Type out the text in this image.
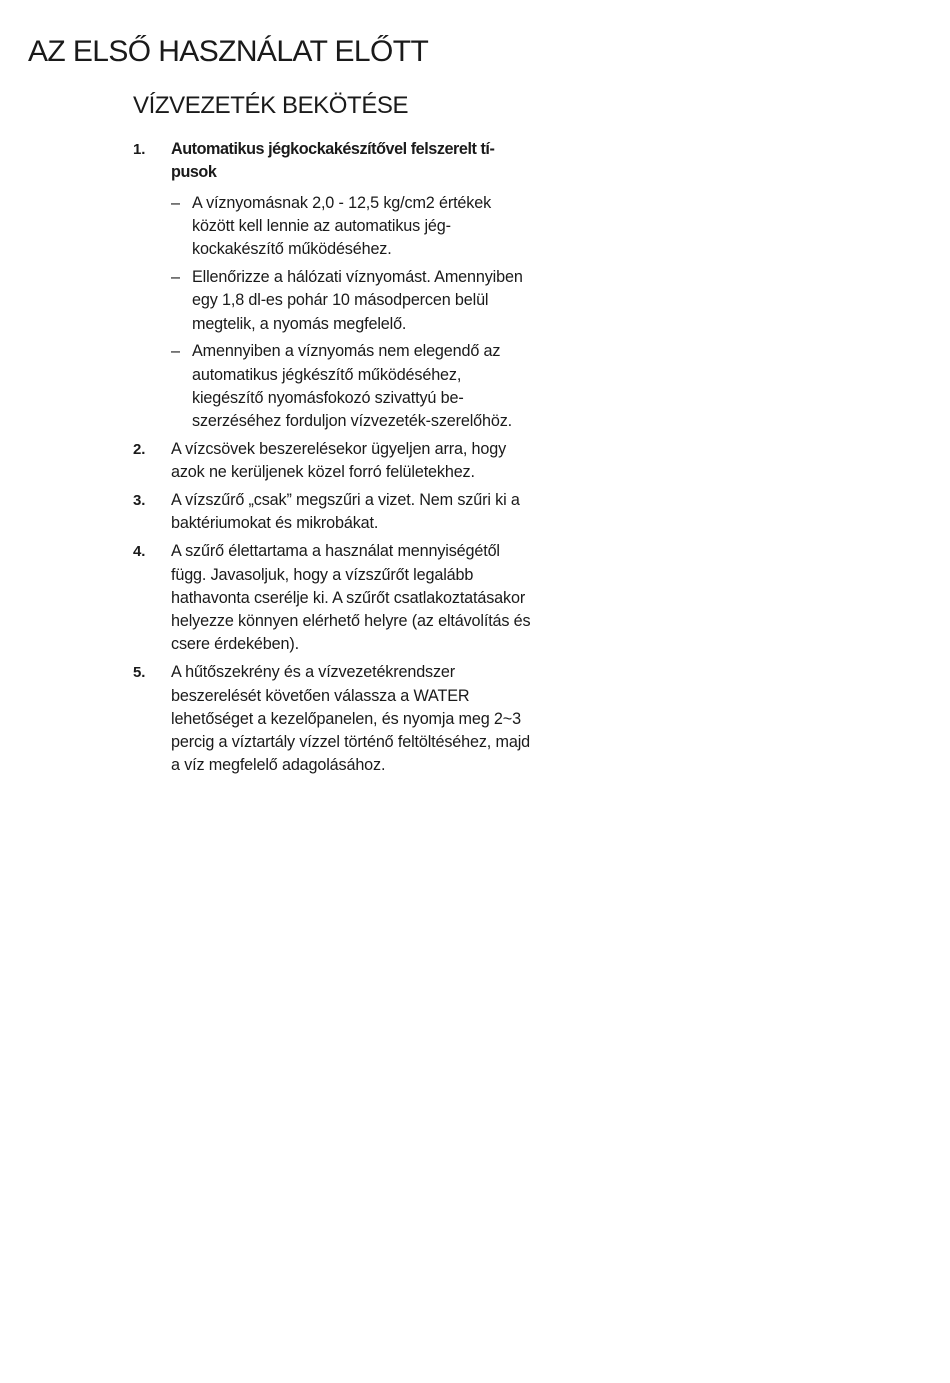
AZ ELSŐ HASZNÁLAT ELŐTT
VÍZVEZETÉK BEKÖTÉSE
1. Automatikus jégkockakészítővel felszerelt típusok
– A víznyomásnak 2,0 - 12,5 kg/cm2 értékek között kell lennie az automatikus jégkockakészítő működéséhez.
– Ellenőrizze a hálózati víznyomást. Amennyiben egy 1,8 dl-es pohár 10 másodpercen belül megtelik, a nyomás megfelelő.
– Amennyiben a víznyomás nem elegendő az automatikus jégkészítő működéséhez, kiegészítő nyomásfokozó szivattyú beszerzéséhez forduljon vízvezeték-szerelőhöz.
2. A vízcsövek beszerelésekor ügyeljen arra, hogy azok ne kerüljenek közel forró felületekhez.
3. A vízszűrő „csak” megszűri a vizet. Nem szűri ki a baktériumokat és mikrobákat.
4. A szűrő élettartama a használat mennyiségétől függ. Javasoljuk, hogy a vízszűrőt legalább hathavonta cserélje ki. A szűrőt csatlakoztatásakor helyezze könnyen elérhető helyre (az eltávolítás és csere érdekében).
5. A hűtőszekrény és a vízvezetékrendszer beszerelését követően válassza a WATER lehetőséget a kezelőpanelen, és nyomja meg 2~3 percig a víztartály vízzel történő feltöltéséhez, majd a víz megfelelő adagolásához.
